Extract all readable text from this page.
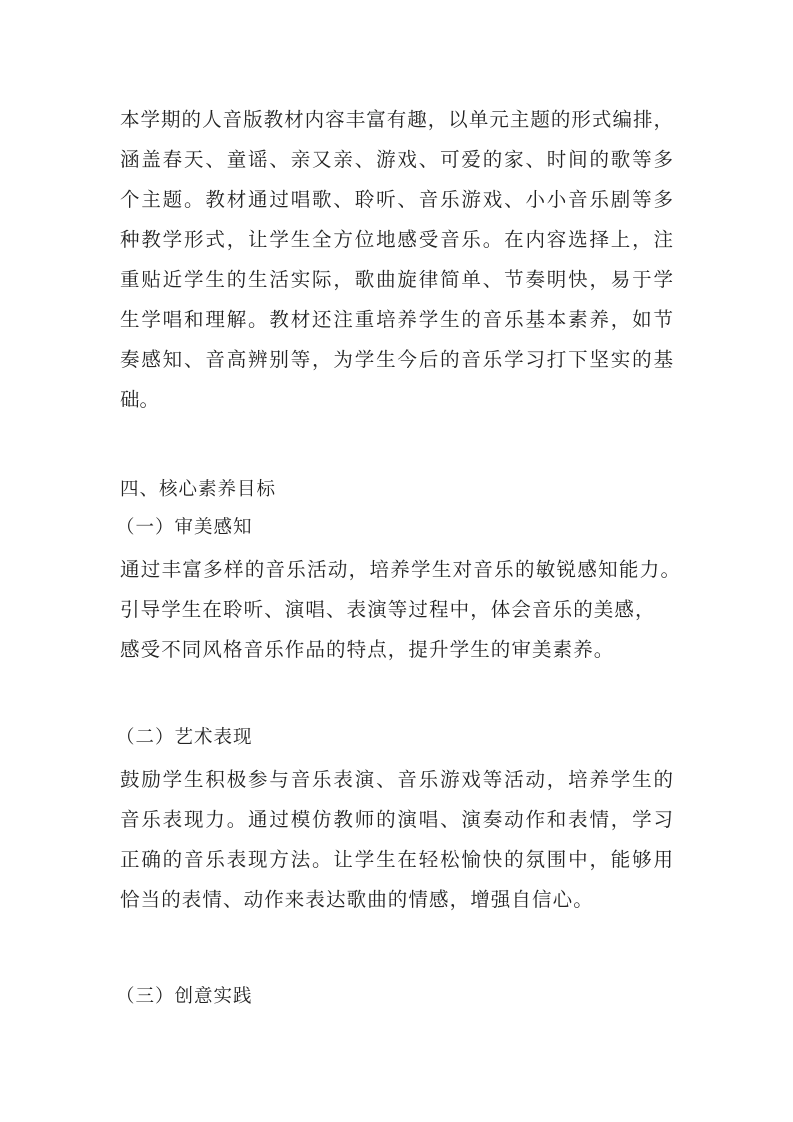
本学期的人音版教材内容丰富有趣，以单元主题的形式编排，
涵盖春天、童谣、亲又亲、游戏、可爱的家、时间的歌等多
个主题。教材通过唱歌、聆听、音乐游戏、小小音乐剧等多
种教学形式，让学生全方位地感受音乐。在内容选择上，注
重贴近学生的生活实际，歌曲旋律简单、节奏明快，易于学
生学唱和理解。教材还注重培养学生的音乐基本素养，如节
奏感知、音高辨别等，为学生今后的音乐学习打下坚实的基
础。
四、核心素养目标
（一）审美感知
通过丰富多样的音乐活动，培养学生对音乐的敏锐感知能力。
引导学生在聆听、演唱、表演等过程中，体会音乐的美感，
感受不同风格音乐作品的特点，提升学生的审美素养。
（二）艺术表现
鼓励学生积极参与音乐表演、音乐游戏等活动，培养学生的
音乐表现力。通过模仿教师的演唱、演奏动作和表情，学习
正确的音乐表现方法。让学生在轻松愉快的氛围中，能够用
恰当的表情、动作来表达歌曲的情感，增强自信心。
（三）创意实践
